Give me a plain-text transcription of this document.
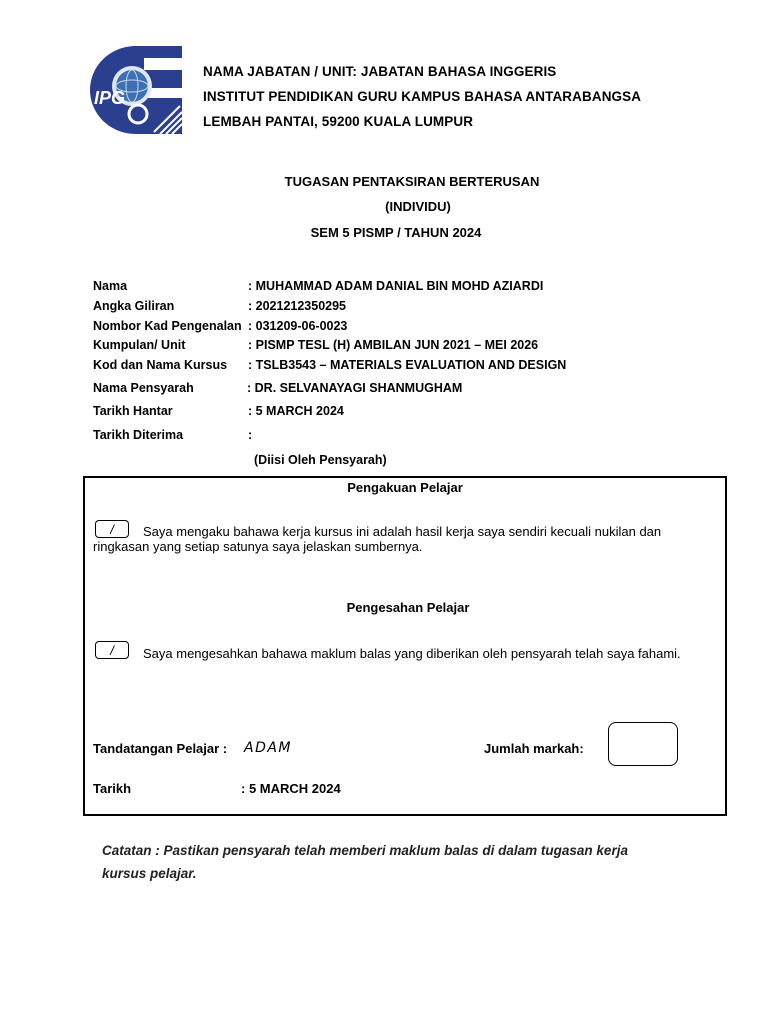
IPG
NAMA JABATAN / UNIT: JABATAN BAHASA INGGERIS
INSTITUT PENDIDIKAN GURU KAMPUS BAHASA ANTARABANGSA
LEMBAH PANTAI, 59200 KUALA LUMPUR
TUGASAN PENTAKSIRAN BERTERUSAN
(INDIVIDU)
SEM 5 PISMP / TAHUN 2024
Nama	: MUHAMMAD ADAM DANIAL BIN MOHD AZIARDI
Angka Giliran	: 2021212350295
Nombor Kad Pengenalan : 031209-06-0023
Kumpulan/ Unit	: PISMP TESL (H) AMBILAN JUN 2021 – MEI 2026
Kod dan Nama Kursus : TSLB3543 – MATERIALS EVALUATION AND DESIGN
Nama Pensyarah	: DR. SELVANAYAGI SHANMUGHAM
Tarikh Hantar	: 5 MARCH 2024
Tarikh Diterima	:
(Diisi Oleh Pensyarah)
Pengakuan Pelajar
/	Saya mengaku bahawa kerja kursus ini adalah hasil kerja saya sendiri kecuali nukilan dan ringkasan yang setiap satunya saya jelaskan sumbernya.
Pengesahan Pelajar
/	Saya mengesahkan bahawa maklum balas yang diberikan oleh pensyarah telah saya fahami.
Tandatangan Pelajar : ADAM	Jumlah markah:
Tarikh	: 5 MARCH 2024
Catatan : Pastikan pensyarah telah memberi maklum balas di dalam tugasan kerja
kursus pelajar.
